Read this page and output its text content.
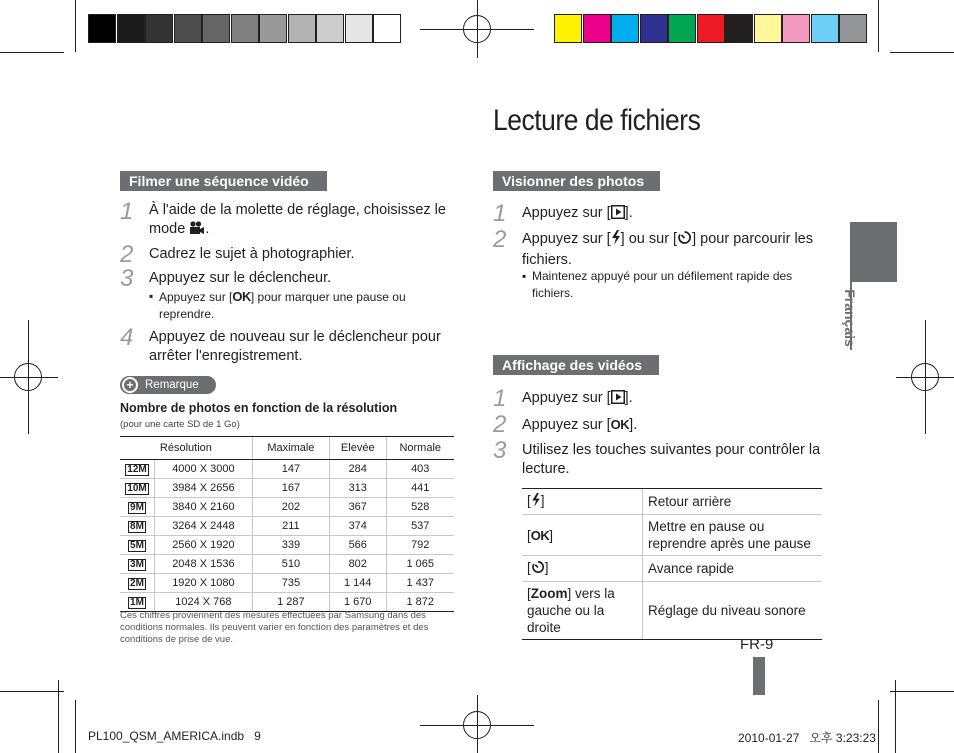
Lecture de fichiers
Filmer une séquence vidéo
1 À l'aide de la molette de réglage, choisissez le mode .
2 Cadrez le sujet à photographier.
3 Appuyez sur le déclencheur.
▪ Appuyez sur [OK] pour marquer une pause ou reprendre.
4 Appuyez de nouveau sur le déclencheur pour arrêter l'enregistrement.
+ Remarque
Nombre de photos en fonction de la résolution
(pour une carte SD de 1 Go)
Résolution		Maximale	Elevée	Normale
12M	4000 X 3000	147	284	403
10M	3984 X 2656	167	313	441
9M	3840 X 2160	202	367	528
8M	3264 X 2448	211	374	537
5M	2560 X 1920	339	566	792
3M	2048 X 1536	510	802	1 065
2M	1920 X 1080	735	1 144	1 437
1M	1024 X 768	1 287	1 670	1 872
Ces chiffres proviennent des mesures effectuées par Samsung dans des conditions normales. Ils peuvent varier en fonction des paramètres et des conditions de prise de vue.
Visionner des photos
1 Appuyez sur [ ].
2 Appuyez sur [ ] ou sur [ ] pour parcourir les fichiers.
▪ Maintenez appuyé pour un défilement rapide des fichiers.
Affichage des vidéos
1 Appuyez sur [ ].
2 Appuyez sur [OK].
3 Utilisez les touches suivantes pour contrôler la lecture.
[ ]	Retour arrière
[OK]	Mettre en pause ou reprendre après une pause
[ ]	Avance rapide
[Zoom] vers la gauche ou la droite	Réglage du niveau sonore
Français
FR-9
PL100_QSM_AMERICA.indb   9	2010-01-27   오후 3:23:23
